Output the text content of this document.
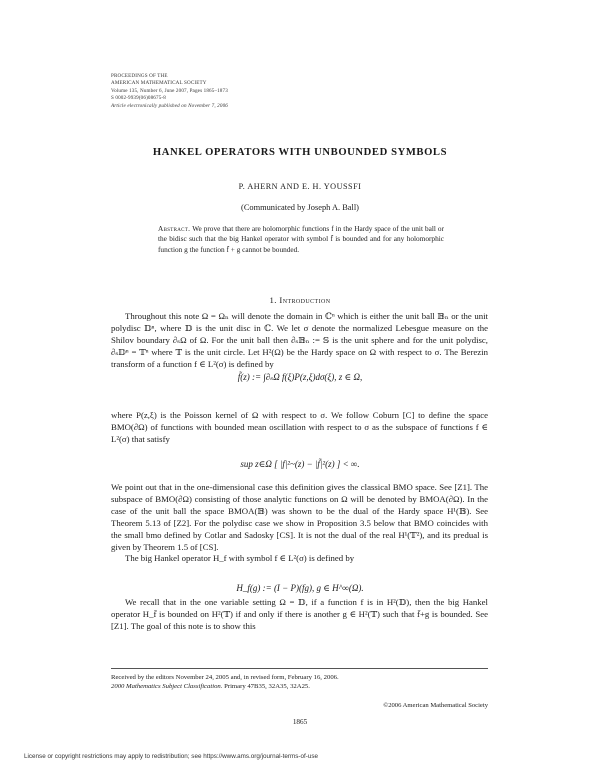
PROCEEDINGS OF THE
AMERICAN MATHEMATICAL SOCIETY
Volume 135, Number 6, June 2007, Pages 1865–1873
S 0002-9939(06)08675-8
Article electronically published on November 7, 2006
HANKEL OPERATORS WITH UNBOUNDED SYMBOLS
P. AHERN AND E. H. YOUSSFI
(Communicated by Joseph A. Ball)
Abstract. We prove that there are holomorphic functions f in the Hardy space of the unit ball or the bidisc such that the big Hankel operator with symbol f̄ is bounded and for any holomorphic function g the function f̄ + g cannot be bounded.
1. Introduction

Throughout this note Ω = Ωₙ will denote the domain in ℂⁿ which is either the unit ball 𝔹ₙ or the unit polydisc 𝔻ⁿ, where 𝔻 is the unit disc in ℂ. We let σ denote the normalized Lebesgue measure on the Shilov boundary ∂ₛΩ of Ω. For the unit ball then ∂ₛ𝔹ₙ := 𝕊 is the unit sphere and for the unit polydisc, ∂ₛ𝔻ⁿ = 𝕋ⁿ where 𝕋 is the unit circle. Let H²(Ω) be the Hardy space on Ω with respect to σ. The Berezin transform of a function f ∈ L²(σ) is defined by

f̃(z) := ∫∂ₛΩ f(ξ)P(z,ξ)dσ(ξ), z ∈ Ω,

where P(z,ξ) is the Poisson kernel of Ω with respect to σ. We follow Coburn [C] to define the space BMO(∂Ω) of functions with bounded mean oscillation with respect to σ as the subspace of functions f ∈ L²(σ) that satisfy

sup z∈Ω [ |f|²~(z) − |f̃|²(z) ] < ∞.

We point out that in the one-dimensional case this definition gives the classical BMO space. See [Z1]. The subspace of BMO(∂Ω) consisting of those analytic functions on Ω will be denoted by BMOA(∂Ω). In the case of the unit ball the space BMOA(𝔹) was shown to be the dual of the Hardy space H¹(𝔹). See Theorem 5.13 of [Z2]. For the polydisc case we show in Proposition 3.5 below that BMO coincides with the small bmo defined by Cotlar and Sadosky [CS]. It is not the dual of the real H¹(𝕋²), and its predual is given by Theorem 1.5 of [CS].

The big Hankel operator H_f with symbol f ∈ L²(σ) is defined by

H_f(g) := (I − P)(fg), g ∈ H^∞(Ω).

We recall that in the one variable setting Ω = 𝔻, if a function f is in H²(𝔻), then the big Hankel operator H_f̄ is bounded on H²(𝕋) if and only if there is another g ∈ H²(𝕋) such that f̄+g is bounded. See [Z1]. The goal of this note is to show this

Received by the editors November 24, 2005 and, in revised form, February 16, 2006.
2000 Mathematics Subject Classification. Primary 47B35, 32A35, 32A25.
©2006 American Mathematical Society
1865
License or copyright restrictions may apply to redistribution; see https://www.ams.org/journal-terms-of-use
